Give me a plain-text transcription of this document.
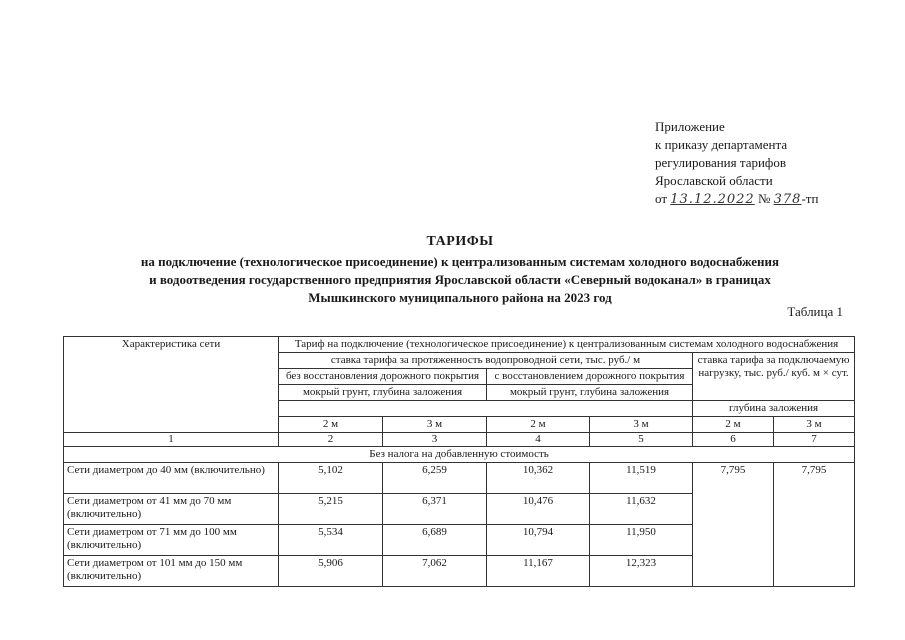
Приложение
к приказу департамента
регулирования тарифов
Ярославской области
от 13.12.2022 № 378-тп
ТАРИФЫ
на подключение (технологическое присоединение) к централизованным системам холодного водоснабжения
и водоотведения государственного предприятия Ярославской области «Северный водоканал» в границах
Мышкинского муниципального района на 2023 год
Таблица 1
Характеристика сети	Тариф на подключение (технологическое присоединение) к централизованным системам холодного водоснабжения					
	ставка тарифа за протяженность водопроводной сети, тыс. руб./ м				ставка тарифа за подключаемую нагрузку, тыс. руб./ куб. м × сут.	
	без восстановления дорожного покрытия		с восстановлением дорожного покрытия			
	мокрый грунт, глубина заложения		мокрый грунт, глубина заложения			
					глубина заложения	
	2 м	3 м	2 м	3 м	2 м	3 м
1	2	3	4	5	6	7
Без налога на добавленную стоимость						
Сети диаметром до 40 мм (включительно)	5,102	6,259	10,362	11,519	7,795	7,795
Сети диаметром от 41 мм до 70 мм (включительно)	5,215	6,371	10,476	11,632		
Сети диаметром от 71 мм до 100 мм (включительно)	5,534	6,689	10,794	11,950		
Сети диаметром от 101 мм до 150 мм (включительно)	5,906	7,062	11,167	12,323		
